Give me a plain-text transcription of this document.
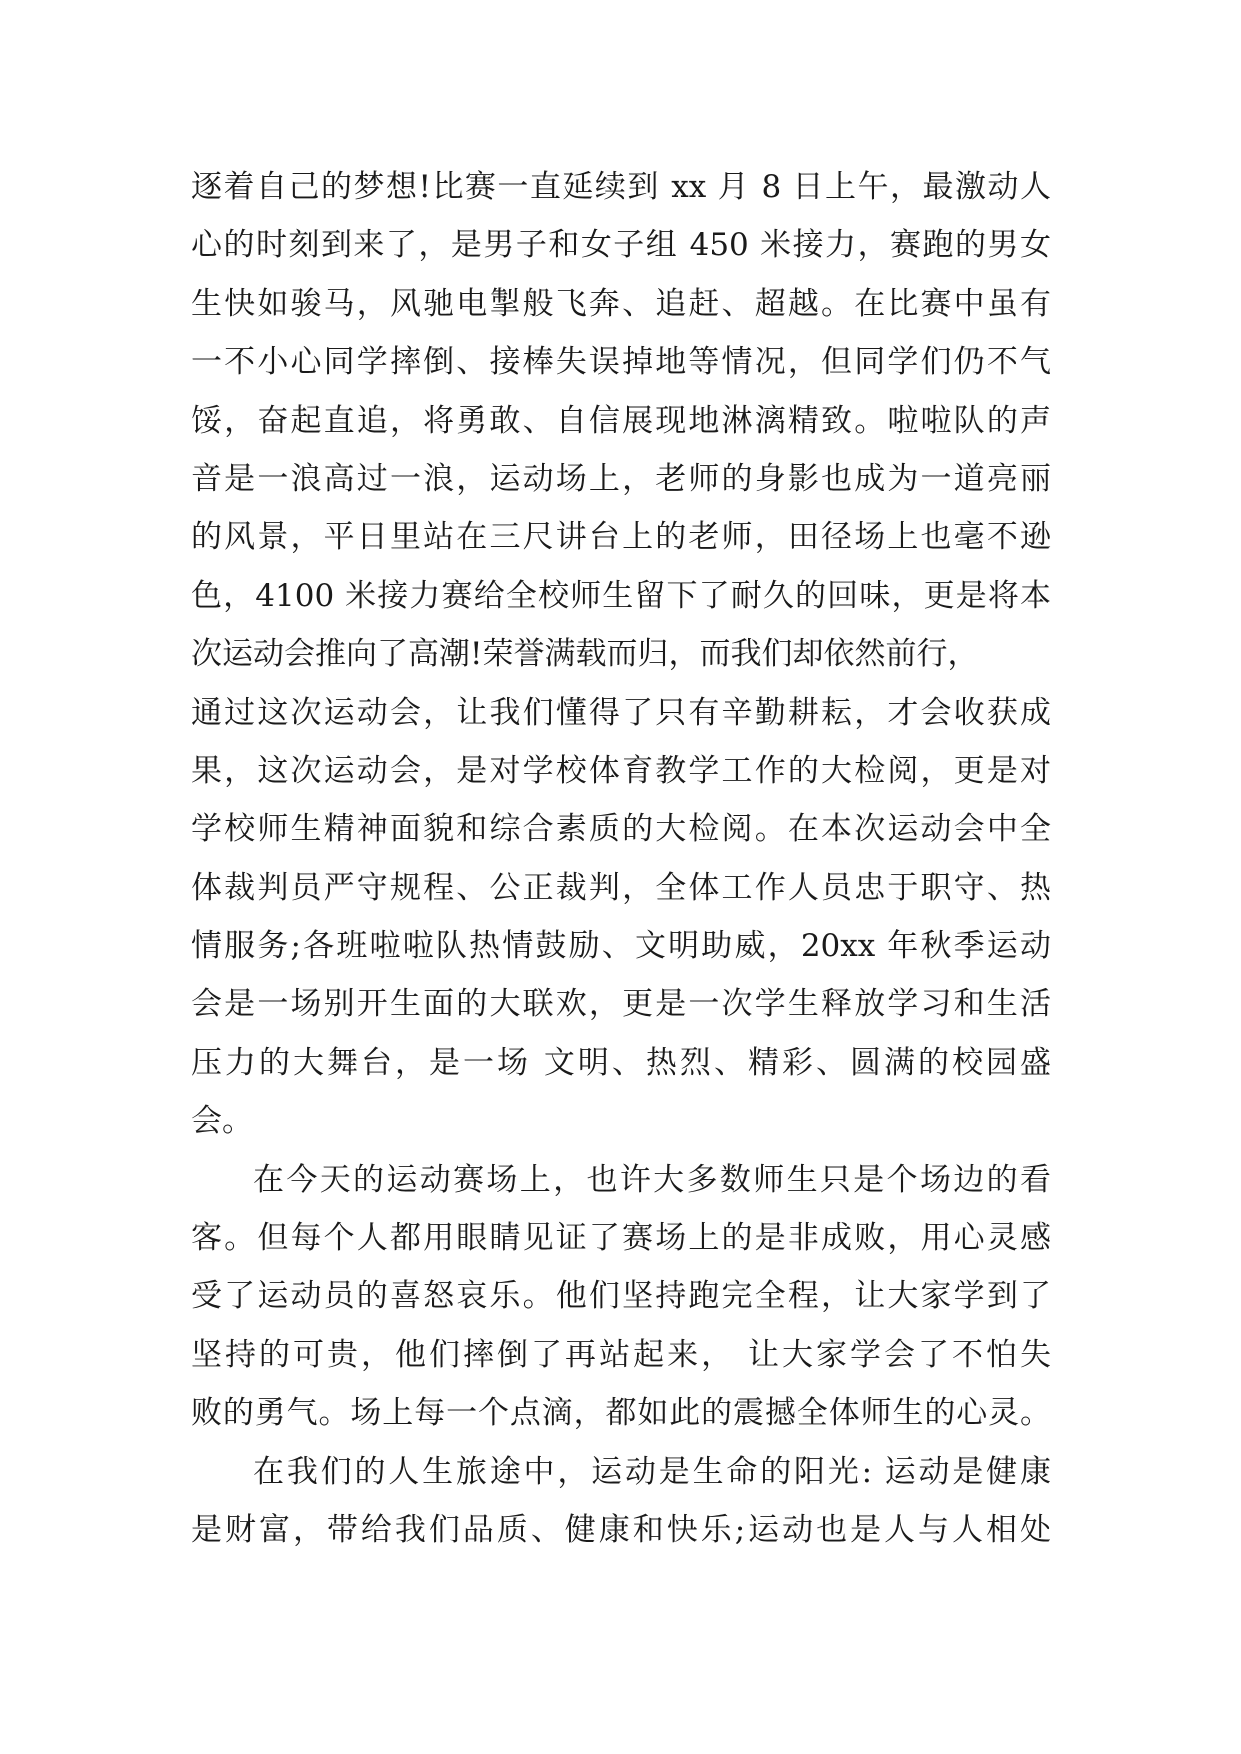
逐着自己的梦想!比赛一直延续到 xx 月 8 日上午，最激动人
心的时刻到来了，是男子和女子组 450 米接力，赛跑的男女
生快如骏马，风驰电掣般飞奔、追赶、超越。在比赛中虽有
一不小心同学摔倒、接棒失误掉地等情况，但同学们仍不气
馁，奋起直追，将勇敢、自信展现地淋漓精致。啦啦队的声
音是一浪高过一浪，运动场上，老师的身影也成为一道亮丽
的风景，平日里站在三尺讲台上的老师，田径场上也毫不逊
色，4100 米接力赛给全校师生留下了耐久的回味，更是将本
次运动会推向了高潮!荣誉满载而归，而我们却依然前行，
通过这次运动会，让我们懂得了只有辛勤耕耘，才会收获成
果，这次运动会，是对学校体育教学工作的大检阅，更是对
学校师生精神面貌和综合素质的大检阅。在本次运动会中全
体裁判员严守规程、公正裁判，全体工作人员忠于职守、热
情服务;各班啦啦队热情鼓励、文明助威，20xx 年秋季运动
会是一场别开生面的大联欢，更是一次学生释放学习和生活
压力的大舞台，是一场 文明、热烈、精彩、圆满的校园盛
会。
在今天的运动赛场上，也许大多数师生只是个场边的看
客。但每个人都用眼睛见证了赛场上的是非成败，用心灵感
受了运动员的喜怒哀乐。他们坚持跑完全程，让大家学到了
坚持的可贵，他们摔倒了再站起来， 让大家学会了不怕失
败的勇气。场上每一个点滴，都如此的震撼全体师生的心灵。
在我们的人生旅途中，运动是生命的阳光: 运动是健康
是财富，带给我们品质、健康和快乐;运动也是人与人相处
